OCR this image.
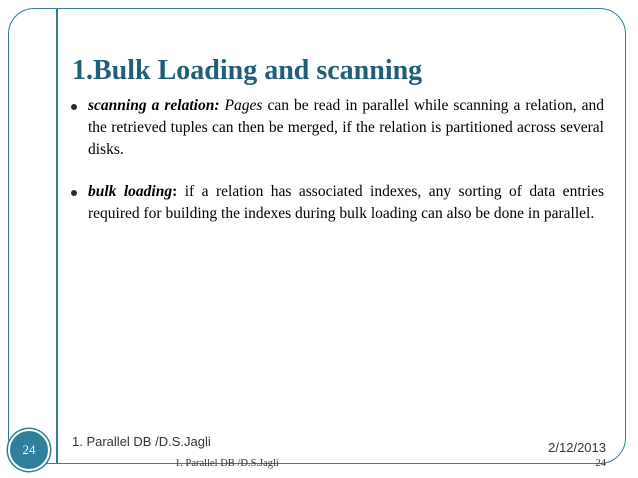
1.Bulk Loading and scanning
scanning a relation: Pages can be read in parallel while scanning a relation, and the retrieved tuples can then be merged, if the relation is partitioned across several disks.
bulk loading: if a relation has associated indexes, any sorting of data entries required for building the indexes during bulk loading can also be done in parallel.
24
1. Parallel DB /D.S.Jagli	2/12/2013
1. Parallel DB /D.S.Jagli	24
